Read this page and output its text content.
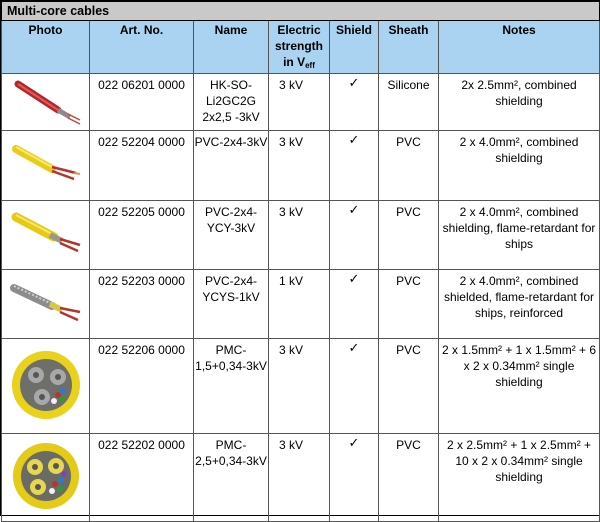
Multi-core cables						
Photo	Art. No.	Name	Electric strength in Veff	Shield	Sheath	Notes

	022 06201 0000	HK-SO-Li2GC2G 2x2,5 -3kV	3 kV	✓	Silicone	2x 2.5mm², combined shielding

	022 52204 0000	PVC-2x4-3kV	3 kV	✓	PVC	2 x 4.0mm², combined shielding

	022 52205 0000	PVC-2x4-YCY-3kV	3 kV	✓	PVC	2 x 4.0mm², combined shielding, flame-retardant for ships

	022 52203 0000	PVC-2x4-YCYS-1kV	1 kV	✓	PVC	2 x 4.0mm², combined shielded, flame-retardant for ships, reinforced

	022 52206 0000	PMC-1,5+0,34-3kV	3 kV	✓	PVC	2 x 1.5mm² + 1 x 1.5mm² + 6 x 2 x 0.34mm² single shielding

	022 52202 0000	PMC-2,5+0,34-3kV	3 kV	✓	PVC	2 x 2.5mm² + 1 x 2.5mm² + 10 x 2 x 0.34mm² single shielding
